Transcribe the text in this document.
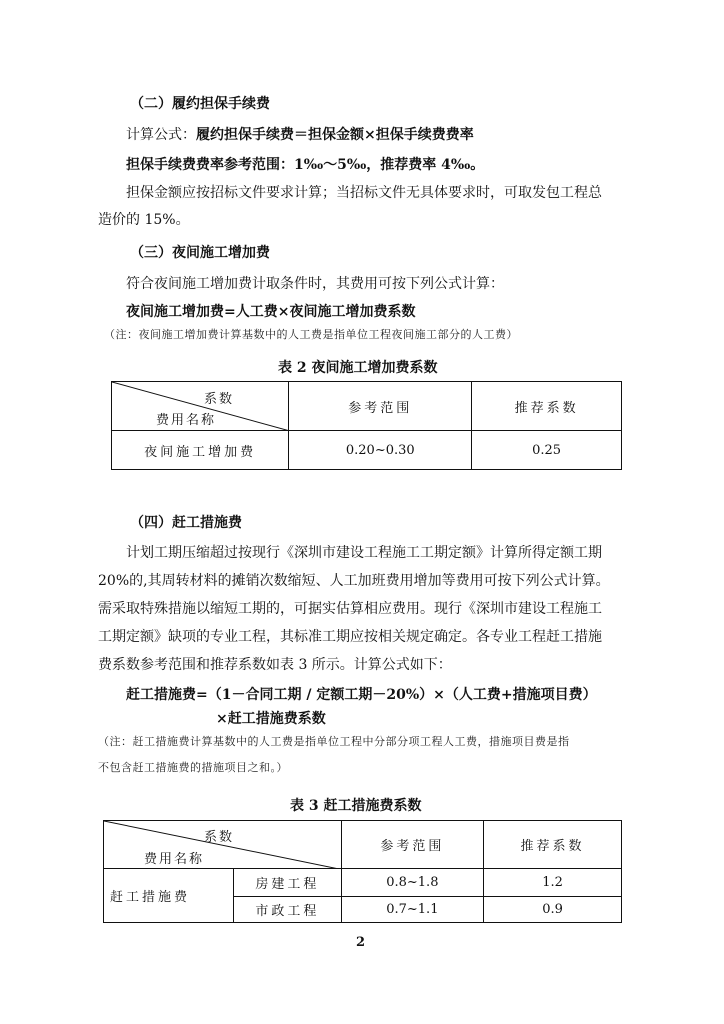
（二）履约担保手续费
计算公式：履约担保手续费＝担保金额×担保手续费费率
担保手续费费率参考范围：1‰～5‰，推荐费率 4‰。
担保金额应按招标文件要求计算；当招标文件无具体要求时，可取发包工程总
造价的 15%。
（三）夜间施工增加费
符合夜间施工增加费计取条件时，其费用可按下列公式计算：
夜间施工增加费=人工费×夜间施工增加费系数
（注：夜间施工增加费计算基数中的人工费是指单位工程夜间施工部分的人工费）
表 2 夜间施工增加费系数
系数
费用名称	参考范围	推荐系数
夜间施工增加费	0.20~0.30	0.25
（四）赶工措施费
计划工期压缩超过按现行《深圳市建设工程施工工期定额》计算所得定额工期
20%的,其周转材料的摊销次数缩短、人工加班费用增加等费用可按下列公式计算。
需采取特殊措施以缩短工期的，可据实估算相应费用。现行《深圳市建设工程施工
工期定额》缺项的专业工程，其标准工期应按相关规定确定。各专业工程赶工措施
费系数参考范围和推荐系数如表 3 所示。计算公式如下：
赶工措施费=（1－合同工期 / 定额工期－20%）×（人工费+措施项目费）
×赶工措施费系数
（注：赶工措施费计算基数中的人工费是指单位工程中分部分项工程人工费，措施项目费是指
不包含赶工措施费的措施项目之和。）
表 3 赶工措施费系数
系数
费用名称		参考范围	推荐系数
赶工措施费	房建工程	0.8~1.8	1.2
	市政工程	0.7~1.1	0.9
2
